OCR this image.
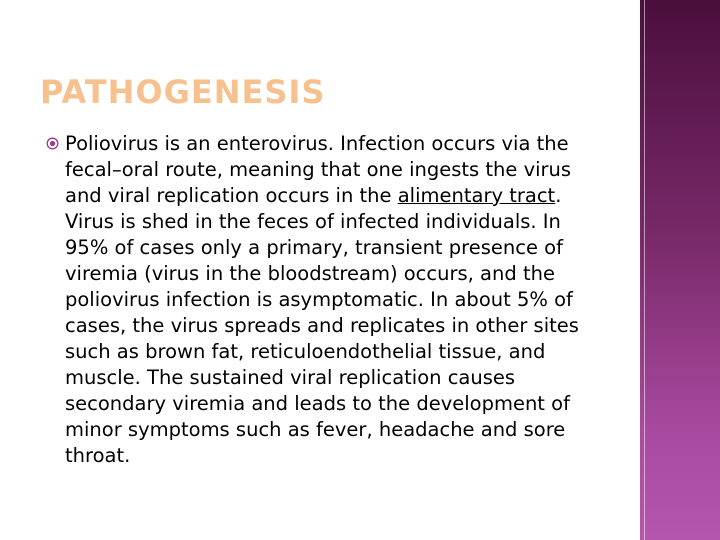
PATHOGENESIS

Poliovirus is an enterovirus. Infection occurs via the fecal–oral route, meaning that one ingests the virus and viral replication occurs in the alimentary tract. Virus is shed in the feces of infected individuals. In 95% of cases only a primary, transient presence of viremia (virus in the bloodstream) occurs, and the poliovirus infection is asymptomatic. In about 5% of cases, the virus spreads and replicates in other sites such as brown fat, reticuloendothelial tissue, and muscle. The sustained viral replication causes secondary viremia and leads to the development of minor symptoms such as fever, headache and sore throat.
